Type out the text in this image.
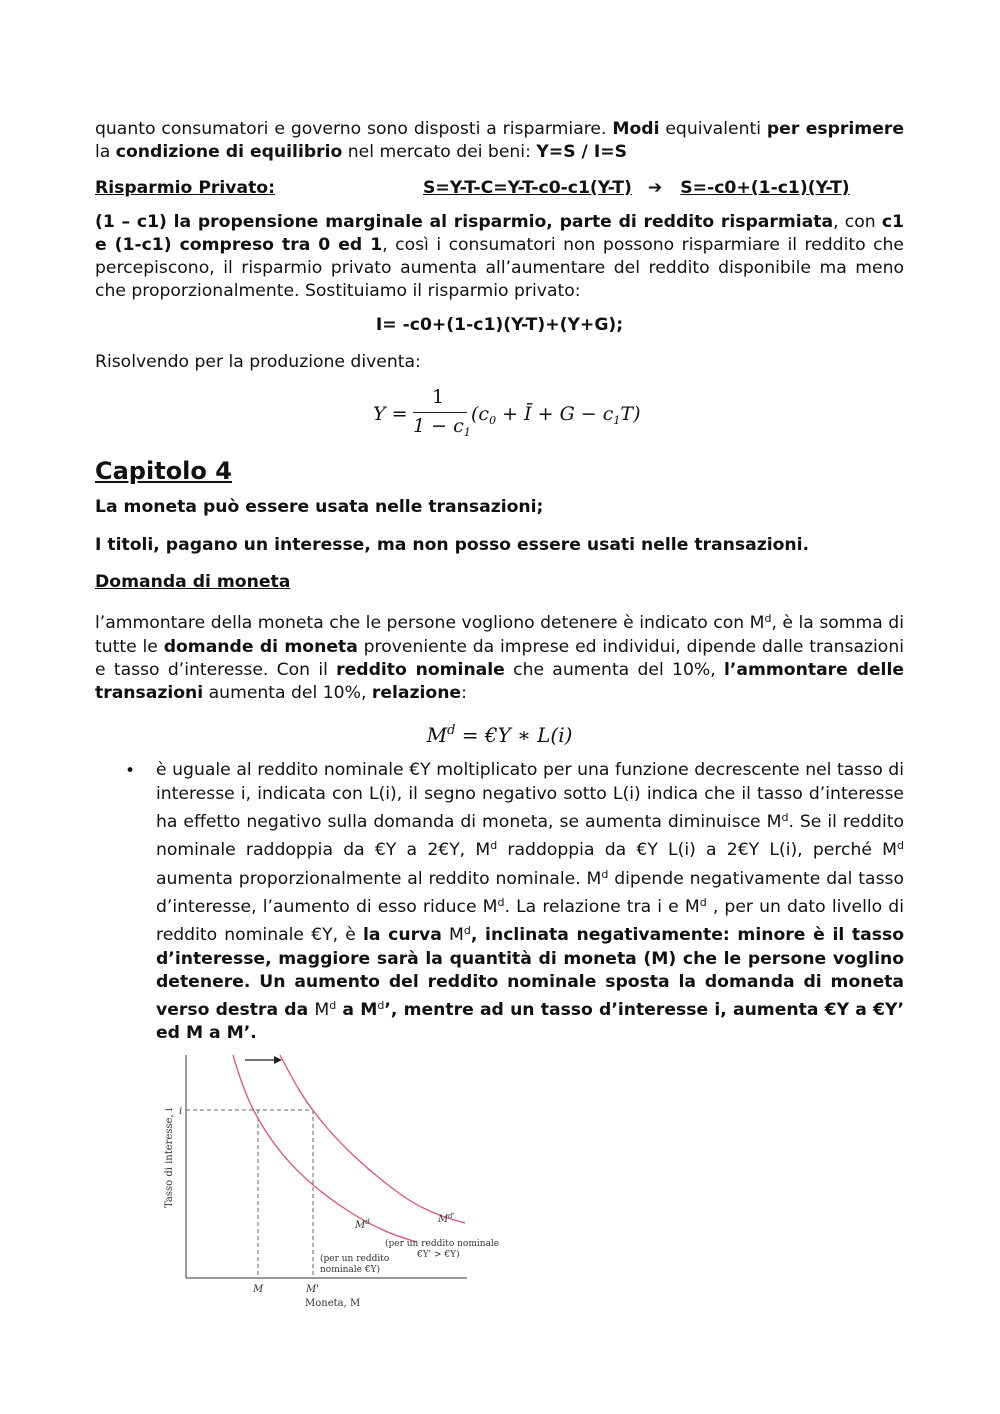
quanto consumatori e governo sono disposti a risparmiare. Modi equivalenti per esprimere la condizione di equilibrio nel mercato dei beni: Y=S / I=S

Risparmio Privato:	S=Y-T-C=Y-T-c0-c1(Y-T) ➔ S=-c0+(1-c1)(Y-T)

(1 – c1) la propensione marginale al risparmio, parte di reddito risparmiata, con c1 e (1-c1) compreso tra 0 ed 1, così i consumatori non possono risparmiare il reddito che percepiscono, il risparmio privato aumenta all’aumentare del reddito disponibile ma meno che proporzionalmente. Sostituiamo il risparmio privato:

I= -c0+(1-c1)(Y-T)+(Y+G);

Risolvendo per la produzione diventa:

Y =
1
$1 - c_1$
($c_0$ + Ī + $G - c_1T$)
Capitolo 4

La moneta può essere usata nelle transazioni;

I titoli, pagano un interesse, ma non posso essere usati nelle transazioni.

Domanda di moneta

l’ammontare della moneta che le persone vogliono detenere è indicato con $M^d$, è la somma di tutte le domande di moneta proveniente da imprese ed individui, dipende dalle transazioni e tasso d’interesse. Con il reddito nominale che aumenta del 10%, l’ammontare delle transazioni aumenta del 10%, relazione:

$M^d$ = €Y ∗ L(i)

• è uguale al reddito nominale €Y moltiplicato per una funzione decrescente nel tasso di interesse i, indicata con L(i), il segno negativo sotto L(i) indica che il tasso d’interesse ha effetto negativo sulla domanda di moneta, se aumenta diminuisce $M^d$. Se il reddito nominale raddoppia da €Y a 2€Y, $M^d$ raddoppia da €Y L(i) a 2€Y L(i), perché $M^d$ aumenta proporzionalmente al reddito nominale. $M^d$ dipende negativamente dal tasso d’interesse, l’aumento di esso riduce $M^d$. La relazione tra i e $M^d$ , per un dato livello di reddito nominale €Y, è la curva $M^d$, inclinata negativamente: minore è il tasso d’interesse, maggiore sarà la quantità di moneta (M) che le persone voglino detenere. Un aumento del reddito nominale sposta la domanda di moneta verso destra da $M^d$ a $M^d$’, mentre ad un tasso d’interesse i, aumenta €Y a €Y’ ed M a M’.

Tasso di interesse, i i
Moneta, M
M	M'
$M^d$	$M^{d'}$
(per un reddito
nominale €Y)
(per un reddito nominale
€Y' > €Y)
